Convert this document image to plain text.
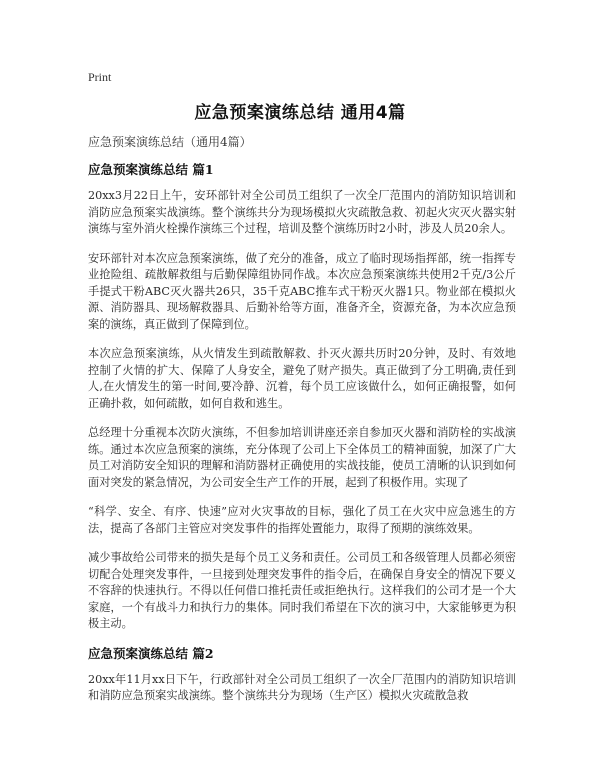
Print
应急预案演练总结 通用4篇
应急预案演练总结（通用4篇）
应急预案演练总结 篇1

20xx3月22日上午，安环部针对全公司员工组织了一次全厂范围内的消防知识培训和消防应急预案实战演练。整个演练共分为现场模拟火灾疏散急救、初起火灾灭火器实射演练与室外消火栓操作演练三个过程，培训及整个演练历时2小时，涉及人员20余人。

安环部针对本次应急预案演练，做了充分的准备，成立了临时现场指挥部，统一指挥专业抢险组、疏散解救组与后勤保障组协同作战。本次应急预案演练共使用2千克/3公斤手提式干粉ABC灭火器共26只，35千克ABC推车式干粉灭火器1只。物业部在模拟火源、消防器具、现场解救器具、后勤补给等方面，准备齐全，资源充备，为本次应急预案的演练，真正做到了保障到位。

本次应急预案演练，从火情发生到疏散解救、扑灭火源共历时20分钟，及时、有效地控制了火情的扩大、保障了人身安全，避免了财产损失。真正做到了分工明确,责任到人,在火情发生的第一时间,要冷静、沉着，每个员工应该做什么，如何正确报警，如何正确扑救，如何疏散，如何自救和逃生。

总经理十分重视本次防火演练，不但参加培训讲座还亲自参加灭火器和消防栓的实战演练。通过本次应急预案的演练，充分体现了公司上下全体员工的精神面貌，加深了广大员工对消防安全知识的理解和消防器材正确使用的实战技能，使员工清晰的认识到如何面对突发的紧急情况，为公司安全生产工作的开展，起到了积极作用。实现了

“科学、安全、有序、快速”应对火灾事故的目标，强化了员工在火灾中应急逃生的方法，提高了各部门主管应对突发事件的指挥处置能力，取得了预期的演练效果。

减少事故给公司带来的损失是每个员工义务和责任。公司员工和各级管理人员都必须密切配合处理突发事件，一旦接到处理突发事件的指令后，在确保自身安全的情况下要义不容辞的快速执行。不得以任何借口推托责任或拒绝执行。这样我们的公司才是一个大家庭，一个有战斗力和执行力的集体。同时我们希望在下次的演习中，大家能够更为积极主动。

应急预案演练总结 篇2

20xx年11月xx日下午，行政部针对全公司员工组织了一次全厂范围内的消防知识培训和消防应急预案实战演练。整个演练共分为现场（生产区）模拟火灾疏散急救
